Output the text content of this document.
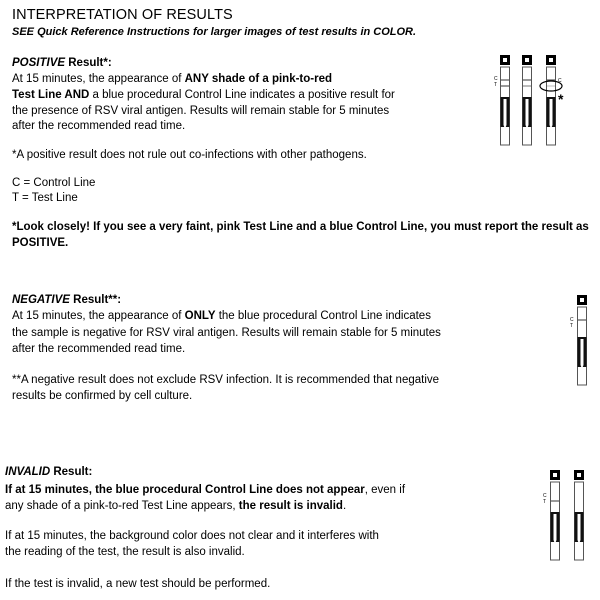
INTERPRETATION OF RESULTS
SEE Quick Reference Instructions for larger images of test results in COLOR.
POSITIVE Result*:
At 15 minutes, the appearance of ANY shade of a pink-to-red
Test Line AND a blue procedural Control Line indicates a positive result for
the presence of RSV viral antigen. Results will remain stable for 5 minutes
after the recommended read time.
*A positive result does not rule out co-infections with other pathogens.
C = Control Line
T = Test Line
*Look closely! If you see a very faint, pink Test Line and a blue Control Line, you must report the result as
POSITIVE.
NEGATIVE Result**:
At 15 minutes, the appearance of ONLY the blue procedural Control Line indicates
the sample is negative for RSV viral antigen. Results will remain stable for 5 minutes
after the recommended read time.
**A negative result does not exclude RSV infection. It is recommended that negative
results be confirmed by cell culture.
INVALID Result:
If at 15 minutes, the blue procedural Control Line does not appear, even if
any shade of a pink-to-red Test Line appears, the result is invalid.
If at 15 minutes, the background color does not clear and it interferes with
the reading of the test, the result is also invalid.
If the test is invalid, a new test should be performed.
C
T
C
*
C
T
C
T
